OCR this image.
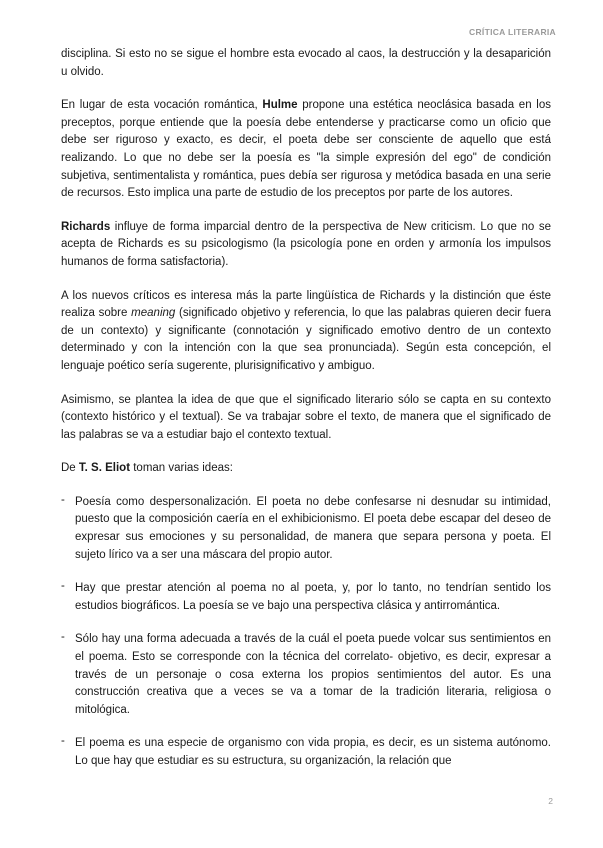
CRÍTICA LITERARIA

disciplina. Si esto no se sigue el hombre esta evocado al caos, la destrucción y la desaparición u olvido.

En lugar de esta vocación romántica, Hulme propone una estética neoclásica basada en los preceptos, porque entiende que la poesía debe entenderse y practicarse como un oficio que debe ser riguroso y exacto, es decir, el poeta debe ser consciente de aquello que está realizando. Lo que no debe ser la poesía es "la simple expresión del ego" de condición subjetiva, sentimentalista y romántica, pues debía ser rigurosa y metódica basada en una serie de recursos. Esto implica una parte de estudio de los preceptos por parte de los autores.

Richards influye de forma imparcial dentro de la perspectiva de New criticism. Lo que no se acepta de Richards es su psicologismo (la psicología pone en orden y armonía los impulsos humanos de forma satisfactoria).

A los nuevos críticos es interesa más la parte lingüística de Richards y la distinción que éste realiza sobre meaning (significado objetivo y referencia, lo que las palabras quieren decir fuera de un contexto) y significante (connotación y significado emotivo dentro de un contexto determinado y con la intención con la que sea pronunciada). Según esta concepción, el lenguaje poético sería sugerente, plurisignificativo y ambiguo.

Asimismo, se plantea la idea de que que el significado literario sólo se capta en su contexto (contexto histórico y el textual). Se va trabajar sobre el texto, de manera que el significado de las palabras se va a estudiar bajo el contexto textual.

De T. S. Eliot toman varias ideas:

- Poesía como despersonalización. El poeta no debe confesarse ni desnudar su intimidad, puesto que la composición caería en el exhibicionismo. El poeta debe escapar del deseo de expresar sus emociones y su personalidad, de manera que separa persona y poeta. El sujeto lírico va a ser una máscara del propio autor.
- Hay que prestar atención al poema no al poeta, y, por lo tanto, no tendrían sentido los estudios biográficos. La poesía se ve bajo una perspectiva clásica y antirromántica.
- Sólo hay una forma adecuada a través de la cuál el poeta puede volcar sus sentimientos en el poema. Esto se corresponde con la técnica del correlato- objetivo, es decir, expresar a través de un personaje o cosa externa los propios sentimientos del autor. Es una construcción creativa que a veces se va a tomar de la tradición literaria, religiosa o mitológica.
- El poema es una especie de organismo con vida propia, es decir, es un sistema autónomo. Lo que hay que estudiar es su estructura, su organización, la relación que
2
